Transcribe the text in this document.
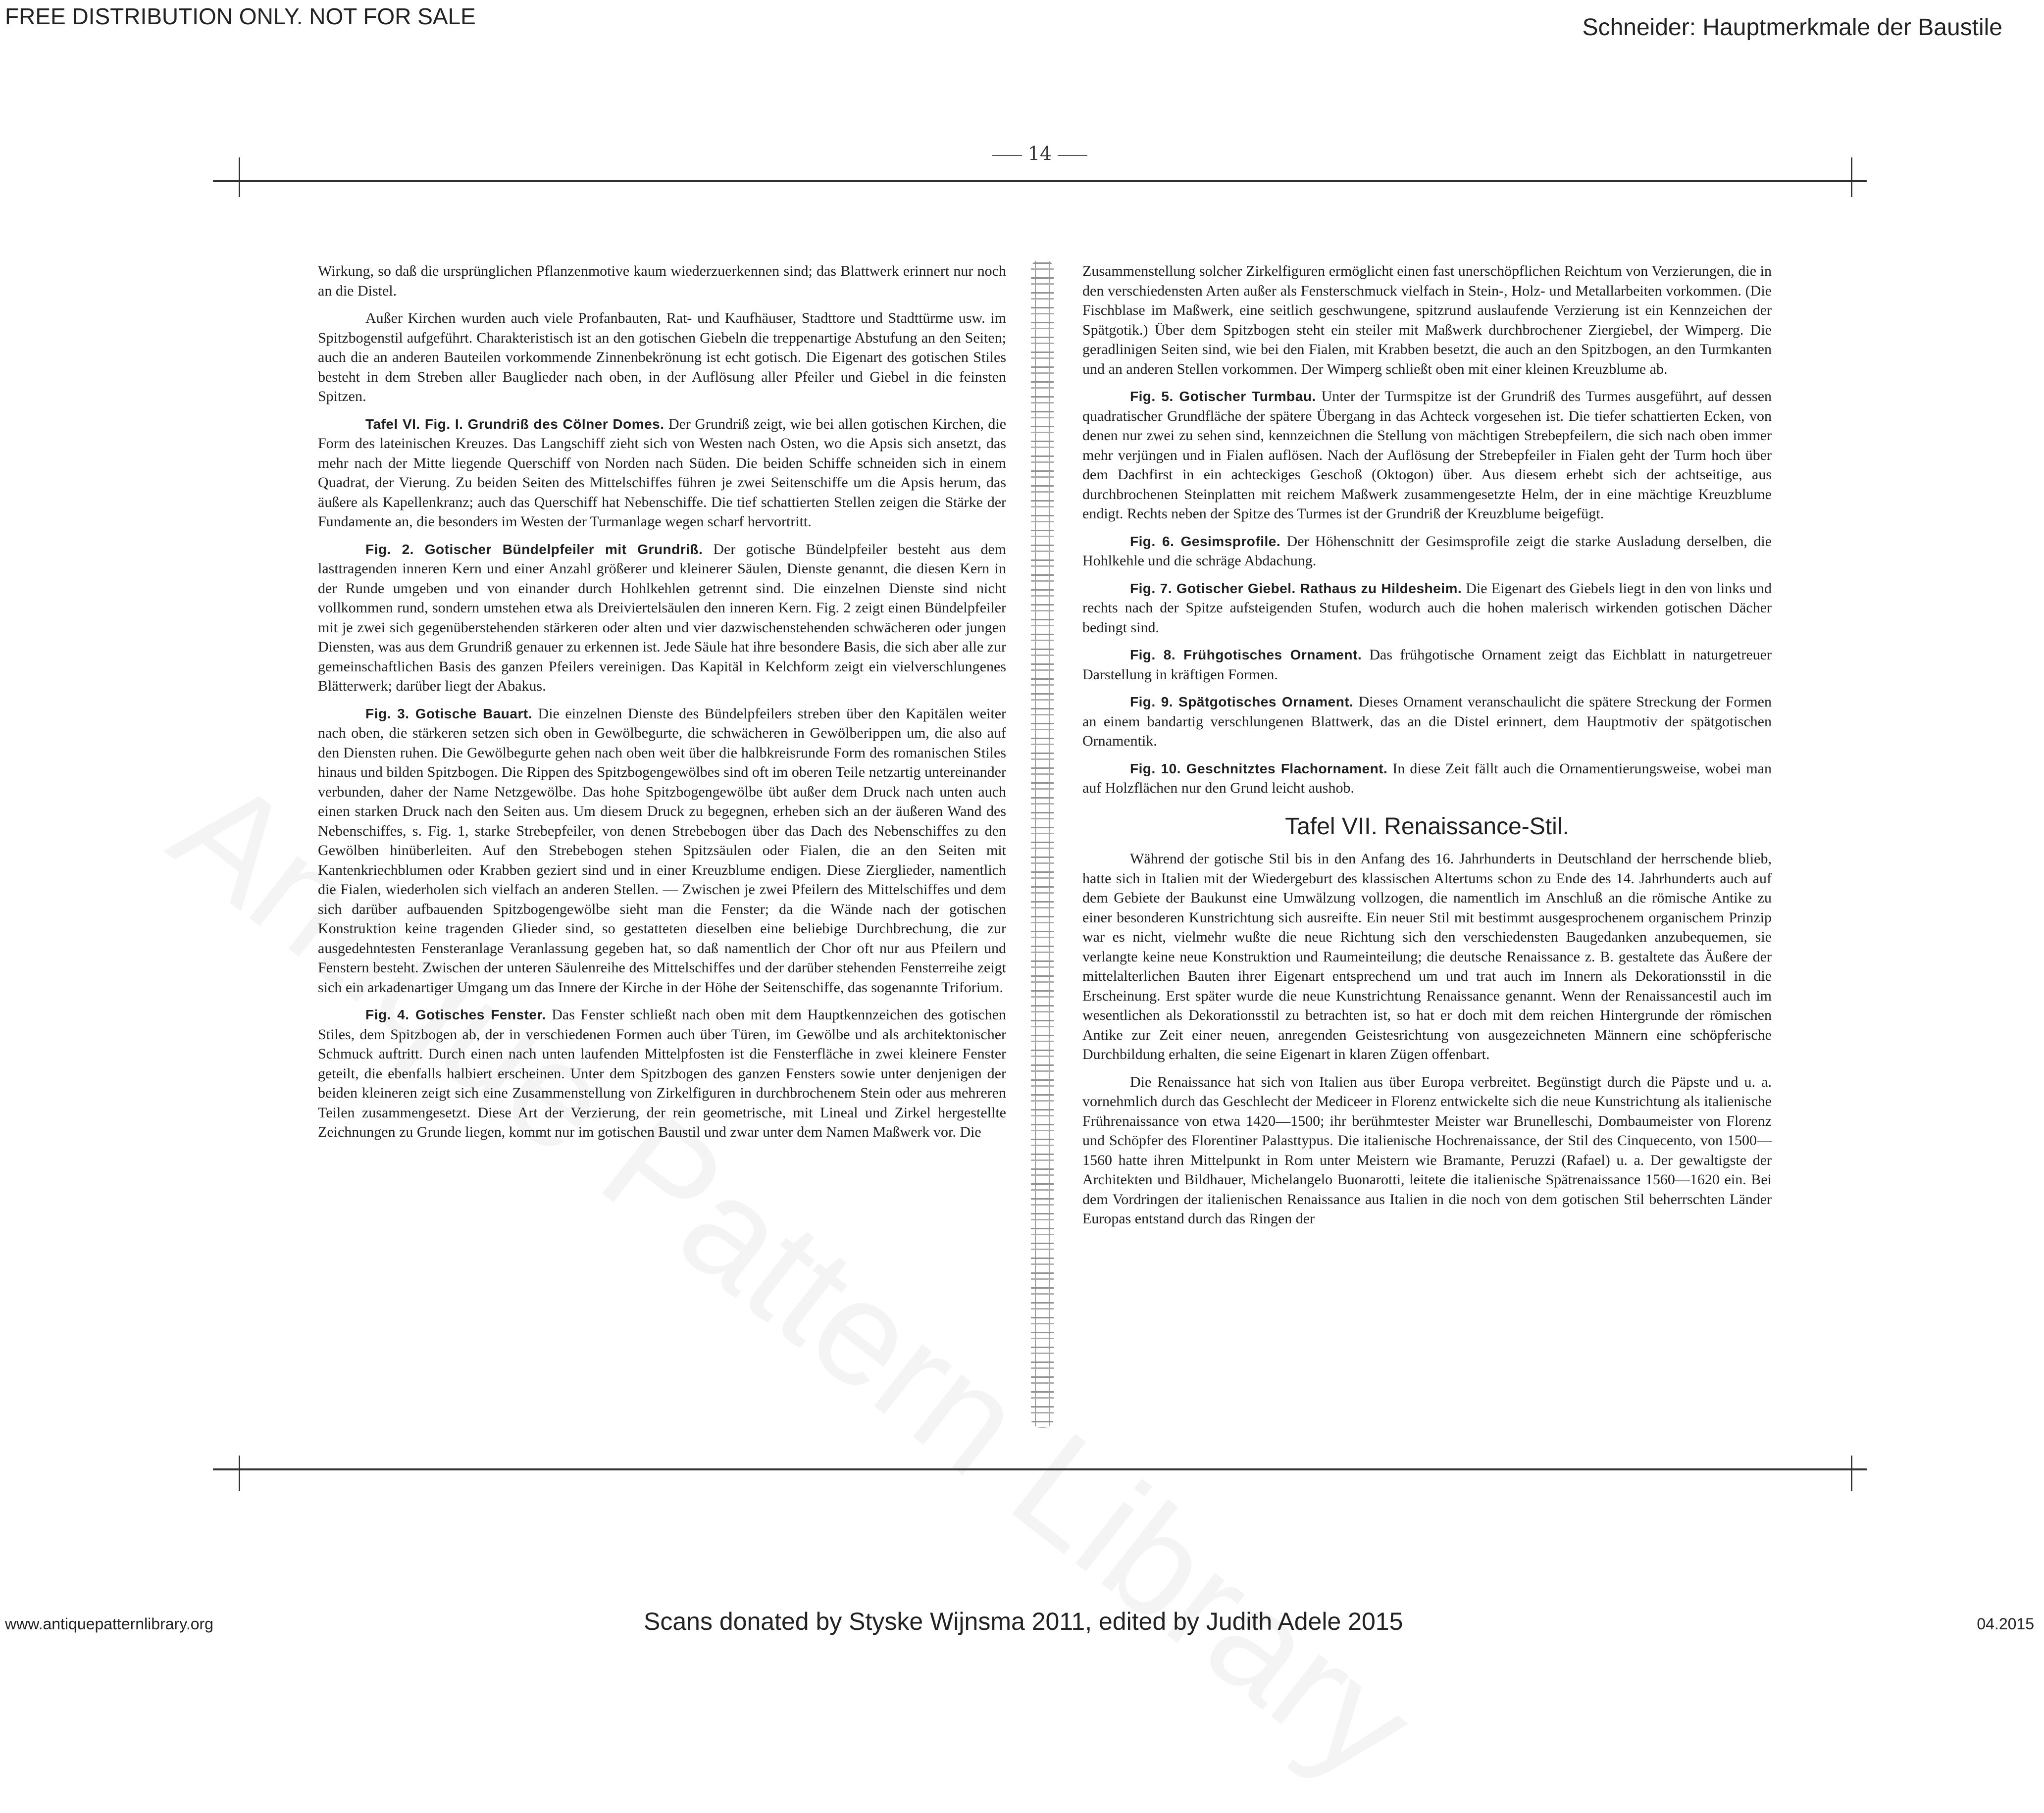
FREE DISTRIBUTION ONLY. NOT FOR SALE	Schneider: Hauptmerkmale der Baustile
14

Wirkung, so daß die ursprünglichen Pflanzenmotive kaum wiederzuerkennen sind; das Blattwerk erinnert nur noch an die Distel.

Außer Kirchen wurden auch viele Profanbauten, Rat- und Kaufhäuser, Stadttore und Stadttürme usw. im Spitzbogenstil aufgeführt. Charakteristisch ist an den gotischen Giebeln die treppenartige Abstufung an den Seiten; auch die an anderen Bauteilen vorkommende Zinnenbekrönung ist echt gotisch. Die Eigenart des gotischen Stiles besteht in dem Streben aller Bauglieder nach oben, in der Auflösung aller Pfeiler und Giebel in die feinsten Spitzen.

Tafel VI. Fig. I. Grundriß des Cölner Domes. Der Grundriß zeigt, wie bei allen gotischen Kirchen, die Form des lateinischen Kreuzes. Das Langschiff zieht sich von Westen nach Osten, wo die Apsis sich ansetzt, das mehr nach der Mitte liegende Querschiff von Norden nach Süden. Die beiden Schiffe schneiden sich in einem Quadrat, der Vierung. Zu beiden Seiten des Mittelschiffes führen je zwei Seitenschiffe um die Apsis herum, das äußere als Kapellenkranz; auch das Querschiff hat Nebenschiffe. Die tief schattierten Stellen zeigen die Stärke der Fundamente an, die besonders im Westen der Turmanlage wegen scharf hervortritt.

Fig. 2. Gotischer Bündelpfeiler mit Grundriß. Der gotische Bündelpfeiler besteht aus dem lasttragenden inneren Kern und einer Anzahl größerer und kleinerer Säulen, Dienste genannt, die diesen Kern in der Runde umgeben und von einander durch Hohlkehlen getrennt sind. Die einzelnen Dienste sind nicht vollkommen rund, sondern umstehen etwa als Dreiviertelsäulen den inneren Kern. Fig. 2 zeigt einen Bündelpfeiler mit je zwei sich gegenüberstehenden stärkeren oder alten und vier dazwischenstehenden schwächeren oder jungen Diensten, was aus dem Grundriß genauer zu erkennen ist. Jede Säule hat ihre besondere Basis, die sich aber alle zur gemeinschaftlichen Basis des ganzen Pfeilers vereinigen. Das Kapitäl in Kelchform zeigt ein vielverschlungenes Blätterwerk; darüber liegt der Abakus.

Fig. 3. Gotische Bauart. Die einzelnen Dienste des Bündelpfeilers streben über den Kapitälen weiter nach oben, die stärkeren setzen sich oben in Gewölbegurte, die schwächeren in Gewölberippen um, die also auf den Diensten ruhen. Die Gewölbegurte gehen nach oben weit über die halbkreisrunde Form des romanischen Stiles hinaus und bilden Spitzbogen. Die Rippen des Spitzbogengewölbes sind oft im oberen Teile netzartig untereinander verbunden, daher der Name Netzgewölbe. Das hohe Spitzbogengewölbe übt außer dem Druck nach unten auch einen starken Druck nach den Seiten aus. Um diesem Druck zu begegnen, erheben sich an der äußeren Wand des Nebenschiffes, s. Fig. 1, starke Strebepfeiler, von denen Strebebogen über das Dach des Nebenschiffes zu den Gewölben hinüberleiten. Auf den Strebebogen stehen Spitzsäulen oder Fialen, die an den Seiten mit Kantenkriechblumen oder Krabben geziert sind und in einer Kreuzblume endigen. Diese Zierglieder, namentlich die Fialen, wiederholen sich vielfach an anderen Stellen. — Zwischen je zwei Pfeilern des Mittelschiffes und dem sich darüber aufbauenden Spitzbogengewölbe sieht man die Fenster; da die Wände nach der gotischen Konstruktion keine tragenden Glieder sind, so gestatteten dieselben eine beliebige Durchbrechung, die zur ausgedehntesten Fensteranlage Veranlassung gegeben hat, so daß namentlich der Chor oft nur aus Pfeilern und Fenstern besteht. Zwischen der unteren Säulenreihe des Mittelschiffes und der darüber stehenden Fensterreihe zeigt sich ein arkadenartiger Umgang um das Innere der Kirche in der Höhe der Seitenschiffe, das sogenannte Triforium.

Fig. 4. Gotisches Fenster. Das Fenster schließt nach oben mit dem Hauptkennzeichen des gotischen Stiles, dem Spitzbogen ab, der in verschiedenen Formen auch über Türen, im Gewölbe und als architektonischer Schmuck auftritt. Durch einen nach unten laufenden Mittelpfosten ist die Fensterfläche in zwei kleinere Fenster geteilt, die ebenfalls halbiert erscheinen. Unter dem Spitzbogen des ganzen Fensters sowie unter denjenigen der beiden kleineren zeigt sich eine Zusammenstellung von Zirkelfiguren in durchbrochenem Stein oder aus mehreren Teilen zusammengesetzt. Diese Art der Verzierung, der rein geometrische, mit Lineal und Zirkel hergestellte Zeichnungen zu Grunde liegen, kommt nur im gotischen Baustil und zwar unter dem Namen Maßwerk vor. Die

Zusammenstellung solcher Zirkelfiguren ermöglicht einen fast unerschöpflichen Reichtum von Verzierungen, die in den verschiedensten Arten außer als Fensterschmuck vielfach in Stein-, Holz- und Metallarbeiten vorkommen. (Die Fischblase im Maßwerk, eine seitlich geschwungene, spitzrund auslaufende Verzierung ist ein Kennzeichen der Spätgotik.) Über dem Spitzbogen steht ein steiler mit Maßwerk durchbrochener Ziergiebel, der Wimperg. Die geradlinigen Seiten sind, wie bei den Fialen, mit Krabben besetzt, die auch an den Spitzbogen, an den Turmkanten und an anderen Stellen vorkommen. Der Wimperg schließt oben mit einer kleinen Kreuzblume ab.

Fig. 5. Gotischer Turmbau. Unter der Turmspitze ist der Grundriß des Turmes ausgeführt, auf dessen quadratischer Grundfläche der spätere Übergang in das Achteck vorgesehen ist. Die tiefer schattierten Ecken, von denen nur zwei zu sehen sind, kennzeichnen die Stellung von mächtigen Strebepfeilern, die sich nach oben immer mehr verjüngen und in Fialen auflösen. Nach der Auflösung der Strebepfeiler in Fialen geht der Turm hoch über dem Dachfirst in ein achteckiges Geschoß (Oktogon) über. Aus diesem erhebt sich der achtseitige, aus durchbrochenen Steinplatten mit reichem Maßwerk zusammengesetzte Helm, der in eine mächtige Kreuzblume endigt. Rechts neben der Spitze des Turmes ist der Grundriß der Kreuzblume beigefügt.

Fig. 6. Gesimsprofile. Der Höhenschnitt der Gesimsprofile zeigt die starke Ausladung derselben, die Hohlkehle und die schräge Abdachung.

Fig. 7. Gotischer Giebel. Rathaus zu Hildesheim. Die Eigenart des Giebels liegt in den von links und rechts nach der Spitze aufsteigenden Stufen, wodurch auch die hohen malerisch wirkenden gotischen Dächer bedingt sind.

Fig. 8. Frühgotisches Ornament. Das frühgotische Ornament zeigt das Eichblatt in naturgetreuer Darstellung in kräftigen Formen.

Fig. 9. Spätgotisches Ornament. Dieses Ornament veranschaulicht die spätere Streckung der Formen an einem bandartig verschlungenen Blattwerk, das an die Distel erinnert, dem Hauptmotiv der spätgotischen Ornamentik.

Fig. 10. Geschnitztes Flachornament. In diese Zeit fällt auch die Ornamentierungsweise, wobei man auf Holzflächen nur den Grund leicht aushob.

Tafel VII. Renaissance-Stil.

Während der gotische Stil bis in den Anfang des 16. Jahrhunderts in Deutschland der herrschende blieb, hatte sich in Italien mit der Wiedergeburt des klassischen Altertums schon zu Ende des 14. Jahrhunderts auch auf dem Gebiete der Baukunst eine Umwälzung vollzogen, die namentlich im Anschluß an die römische Antike zu einer besonderen Kunstrichtung sich ausreifte. Ein neuer Stil mit bestimmt ausgesprochenem organischem Prinzip war es nicht, vielmehr wußte die neue Richtung sich den verschiedensten Baugedanken anzubequemen, sie verlangte keine neue Konstruktion und Raumeinteilung; die deutsche Renaissance z. B. gestaltete das Äußere der mittelalterlichen Bauten ihrer Eigenart entsprechend um und trat auch im Innern als Dekorationsstil in die Erscheinung. Erst später wurde die neue Kunstrichtung Renaissance genannt. Wenn der Renaissancestil auch im wesentlichen als Dekorationsstil zu betrachten ist, so hat er doch mit dem reichen Hintergrunde der römischen Antike zur Zeit einer neuen, anregenden Geistesrichtung von ausgezeichneten Männern eine schöpferische Durchbildung erhalten, die seine Eigenart in klaren Zügen offenbart.

Die Renaissance hat sich von Italien aus über Europa verbreitet. Begünstigt durch die Päpste und u. a. vornehmlich durch das Geschlecht der Mediceer in Florenz entwickelte sich die neue Kunstrichtung als italienische Frührenaissance von etwa 1420—1500; ihr berühmtester Meister war Brunelleschi, Dombaumeister von Florenz und Schöpfer des Florentiner Palasttypus. Die italienische Hochrenaissance, der Stil des Cinquecento, von 1500—1560 hatte ihren Mittelpunkt in Rom unter Meistern wie Bramante, Peruzzi (Rafael) u. a. Der gewaltigste der Architekten und Bildhauer, Michelangelo Buonarotti, leitete die italienische Spätrenaissance 1560—1620 ein. Bei dem Vordringen der italienischen Renaissance aus Italien in die noch von dem gotischen Stil beherrschten Länder Europas entstand durch das Ringen der

www.antiquepatternlibrary.org	Scans donated by Styske Wijnsma 2011, edited by Judith Adele 2015	04.2015
